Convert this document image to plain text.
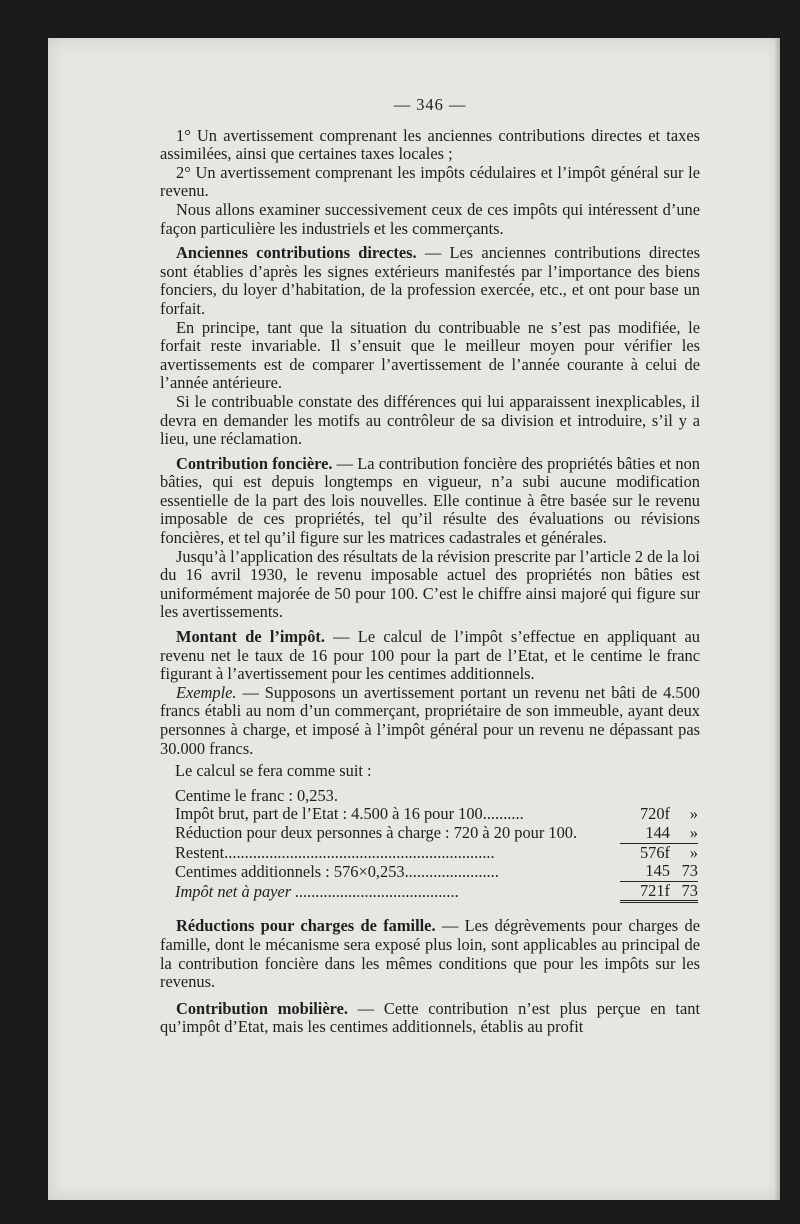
— 346 —

1° Un avertissement comprenant les anciennes contributions directes et taxes assimilées, ainsi que certaines taxes locales ;

2° Un avertissement comprenant les impôts cédulaires et l’impôt général sur le revenu.

Nous allons examiner successivement ceux de ces impôts qui intéressent d’une façon particulière les industriels et les commerçants.

Anciennes contributions directes. — Les anciennes contributions directes sont établies d’après les signes extérieurs manifestés par l’importance des biens fonciers, du loyer d’habitation, de la profession exercée, etc., et ont pour base un forfait.

En principe, tant que la situation du contribuable ne s’est pas modifiée, le forfait reste invariable. Il s’ensuit que le meilleur moyen pour vérifier les avertissements est de comparer l’avertissement de l’année courante à celui de l’année antérieure.

Si le contribuable constate des différences qui lui apparaissent inexplicables, il devra en demander les motifs au contrôleur de sa division et introduire, s’il y a lieu, une réclamation.

Contribution foncière. — La contribution foncière des propriétés bâties et non bâties, qui est depuis longtemps en vigueur, n’a subi aucune modification essentielle de la part des lois nouvelles. Elle continue à être basée sur le revenu imposable de ces propriétés, tel qu’il résulte des évaluations ou révisions foncières, et tel qu’il figure sur les matrices cadastrales et générales.

Jusqu’à l’application des résultats de la révision prescrite par l’article 2 de la loi du 16 avril 1930, le revenu imposable actuel des propriétés non bâties est uniformément majorée de 50 pour 100. C’est le chiffre ainsi majoré qui figure sur les avertissements.

Montant de l’impôt. — Le calcul de l’impôt s’effectue en appliquant au revenu net le taux de 16 pour 100 pour la part de l’Etat, et le centime le franc figurant à l’avertissement pour les centimes additionnels.

Exemple. — Supposons un avertissement portant un revenu net bâti de 4.500 francs établi au nom d’un commerçant, propriétaire de son immeuble, ayant deux personnes à charge, et imposé à l’impôt général pour un revenu ne dépassant pas 30.000 francs.

Le calcul se fera comme suit :
Centime le franc : 0,253.
Impôt brut, part de l’Etat : 4.500 à 16 pour 100..........	720f	»
Réduction pour deux personnes à charge : 720 à 20 pour 100.	144	»
Restent..................................................................	576f	»
Centimes additionnels : 576×0,253.......................	145	73
Impôt net à payer ........................................	721f	73

Réductions pour charges de famille. — Les dégrèvements pour charges de famille, dont le mécanisme sera exposé plus loin, sont applicables au principal de la contribution foncière dans les mêmes conditions que pour les impôts sur les revenus.

Contribution mobilière. — Cette contribution n’est plus perçue en tant qu’impôt d’Etat, mais les centimes additionnels, établis au profit
